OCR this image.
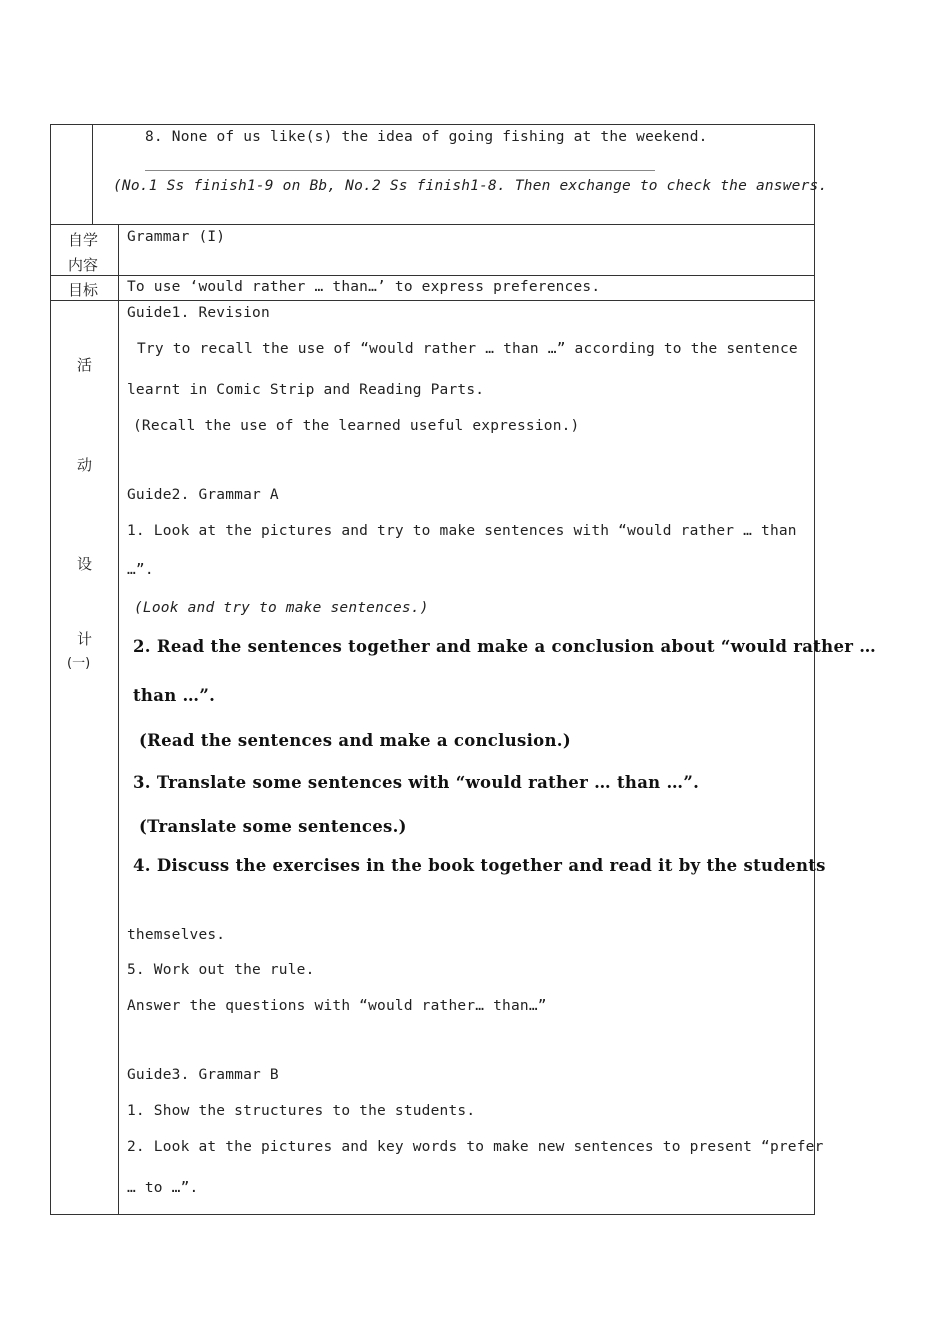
8. None of us like(s) the idea of going fishing at the weekend.
(No.1 Ss finish1-9 on Bb, No.2 Ss finish1-8. Then exchange to check the answers.
自学
内容
Grammar (I)
目标 To use ‘would rather … than…’ to express preferences.
活
动
设
计
(一)
Guide1. Revision
Try to recall the use of “would rather … than …” according to the sentence
learnt in Comic Strip and Reading Parts.
(Recall the use of the learned useful expression.)
Guide2. Grammar A
1. Look at the pictures and try to make sentences with “would rather … than
…”.
(Look and try to make sentences.)
2. Read the sentences together and make a conclusion about “would rather …
than …”.
(Read the sentences and make a conclusion.)
3. Translate some sentences with “would rather … than …”.
(Translate some sentences.)
4. Discuss the exercises in the book together and read it by the students
themselves.
5. Work out the rule.
Answer the questions with “would rather… than…”
Guide3. Grammar B
1. Show the structures to the students.
2. Look at the pictures and key words to make new sentences to present “prefer
… to …”.
